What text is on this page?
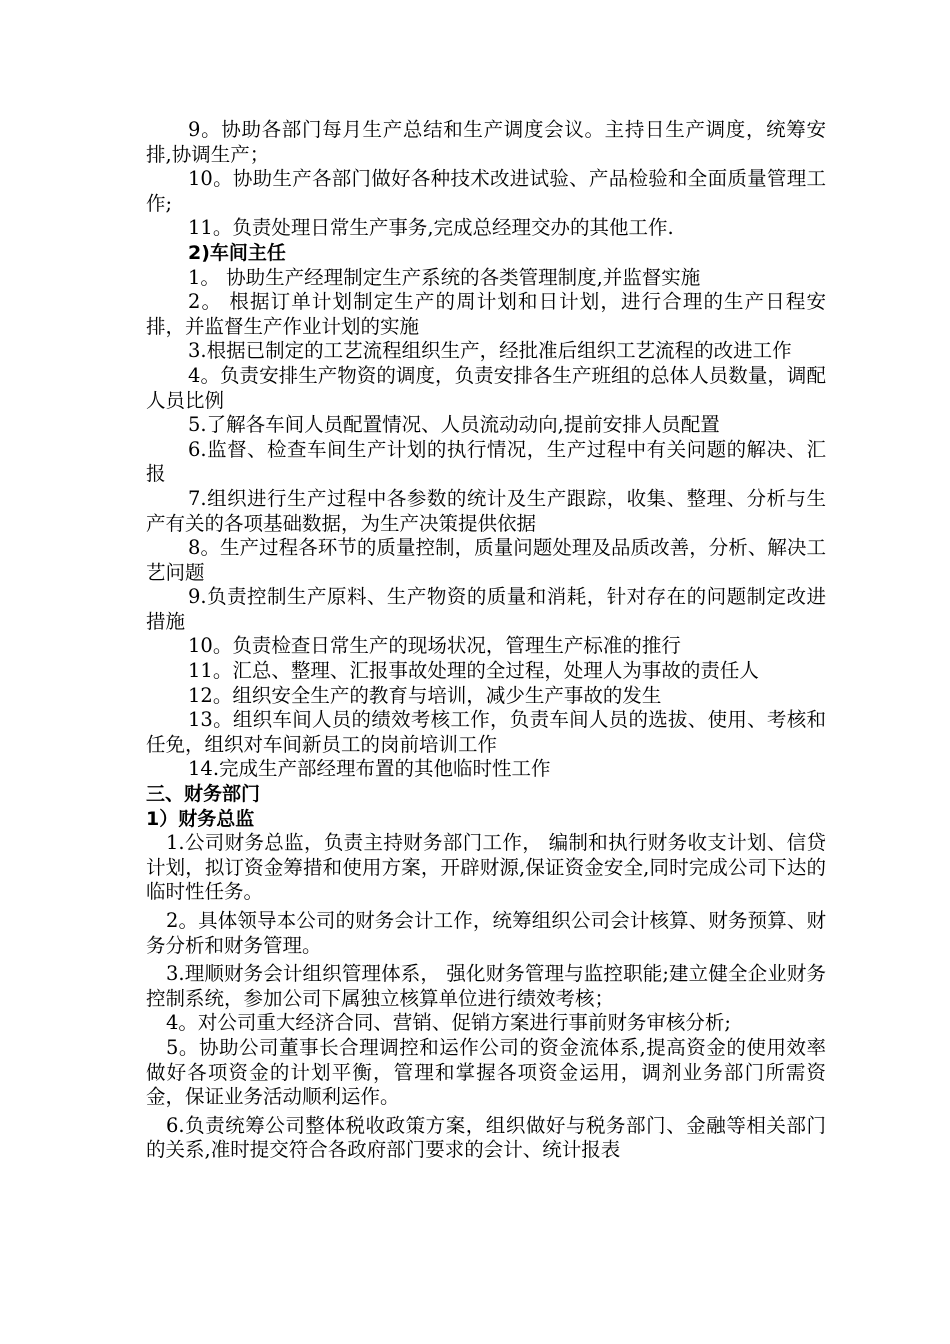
9。协助各部门每月生产总结和生产调度会议。主持日生产调度，统筹安排,协调生产；

10。协助生产各部门做好各种技术改进试验、产品检验和全面质量管理工作;

11。负责处理日常生产事务,完成总经理交办的其他工作.

2)车间主任

1。 协助生产经理制定生产系统的各类管理制度,并监督实施

2。 根据订单计划制定生产的周计划和日计划，进行合理的生产日程安排，并监督生产作业计划的实施

3.根据已制定的工艺流程组织生产，经批准后组织工艺流程的改进工作

4。负责安排生产物资的调度，负责安排各生产班组的总体人员数量，调配人员比例

5.了解各车间人员配置情况、人员流动动向,提前安排人员配置

6.监督、检查车间生产计划的执行情况，生产过程中有关问题的解决、汇报

7.组织进行生产过程中各参数的统计及生产跟踪，收集、整理、分析与生产有关的各项基础数据，为生产决策提供依据

8。生产过程各环节的质量控制，质量问题处理及品质改善，分析、解决工艺问题

9.负责控制生产原料、生产物资的质量和消耗，针对存在的问题制定改进措施

10。负责检查日常生产的现场状况，管理生产标准的推行

11。汇总、整理、汇报事故处理的全过程，处理人为事故的责任人

12。组织安全生产的教育与培训，减少生产事故的发生

13。组织车间人员的绩效考核工作，负责车间人员的选拔、使用、考核和任免，组织对车间新员工的岗前培训工作

14.完成生产部经理布置的其他临时性工作

三、财务部门

1）财务总监

1.公司财务总监，负责主持财务部门工作， 编制和执行财务收支计划、信贷计划，拟订资金筹措和使用方案，开辟财源,保证资金安全,同时完成公司下达的临时性任务。

2。具体领导本公司的财务会计工作，统筹组织公司会计核算、财务预算、财务分析和财务管理。

3.理顺财务会计组织管理体系， 强化财务管理与监控职能;建立健全企业财务控制系统，参加公司下属独立核算单位进行绩效考核；

4。对公司重大经济合同、营销、促销方案进行事前财务审核分析;

5。协助公司董事长合理调控和运作公司的资金流体系,提高资金的使用效率做好各项资金的计划平衡，管理和掌握各项资金运用，调剂业务部门所需资金，保证业务活动顺利运作。

6.负责统筹公司整体税收政策方案，组织做好与税务部门、金融等相关部门的关系,准时提交符合各政府部门要求的会计、统计报表
